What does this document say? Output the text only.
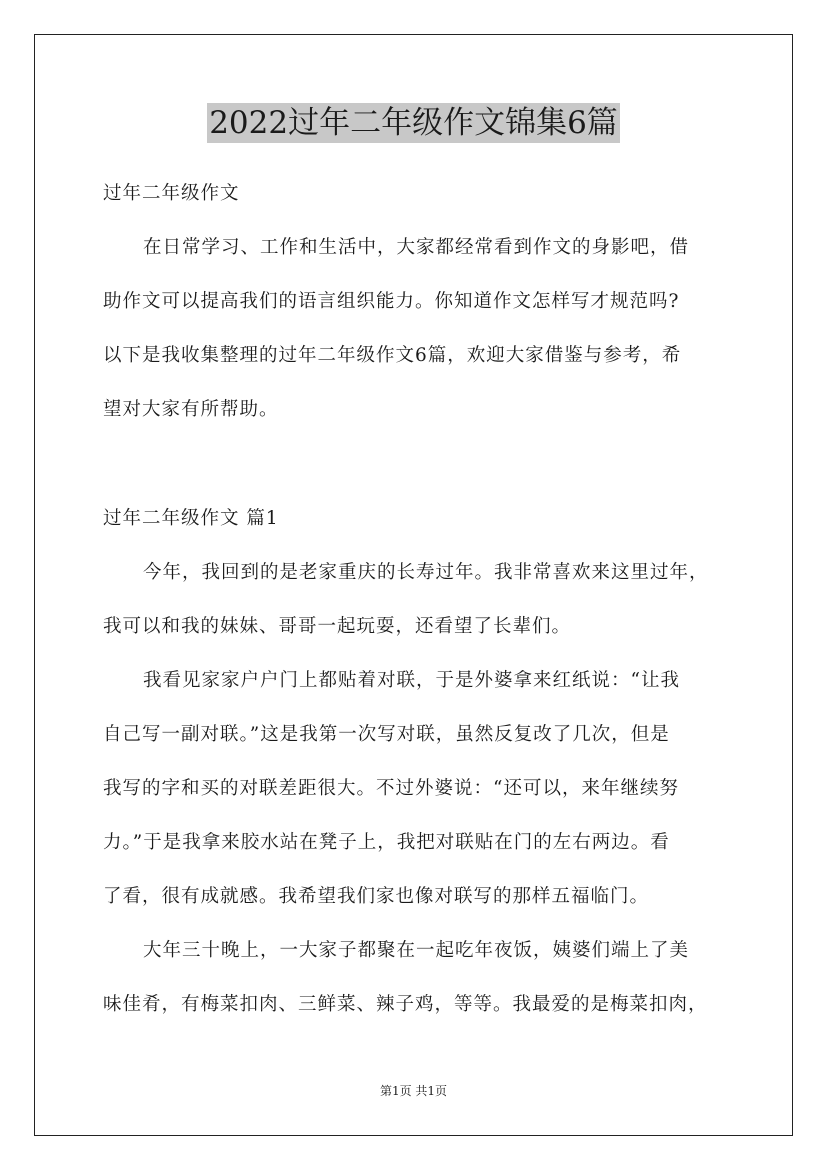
2022过年二年级作文锦集6篇
过年二年级作文
在日常学习、工作和生活中，大家都经常看到作文的身影吧，借
助作文可以提高我们的语言组织能力。你知道作文怎样写才规范吗?
以下是我收集整理的过年二年级作文6篇，欢迎大家借鉴与参考，希
望对大家有所帮助。
过年二年级作文 篇1
今年，我回到的是老家重庆的长寿过年。我非常喜欢来这里过年，
我可以和我的妹妹、哥哥一起玩耍，还看望了长辈们。
我看见家家户户门上都贴着对联，于是外婆拿来红纸说：“让我
自己写一副对联。”这是我第一次写对联，虽然反复改了几次，但是
我写的字和买的对联差距很大。不过外婆说：“还可以，来年继续努
力。”于是我拿来胶水站在凳子上，我把对联贴在门的左右两边。看
了看，很有成就感。我希望我们家也像对联写的那样五福临门。
大年三十晚上，一大家子都聚在一起吃年夜饭，姨婆们端上了美
味佳肴，有梅菜扣肉、三鲜菜、辣子鸡，等等。我最爱的是梅菜扣肉，
第1页 共1页
